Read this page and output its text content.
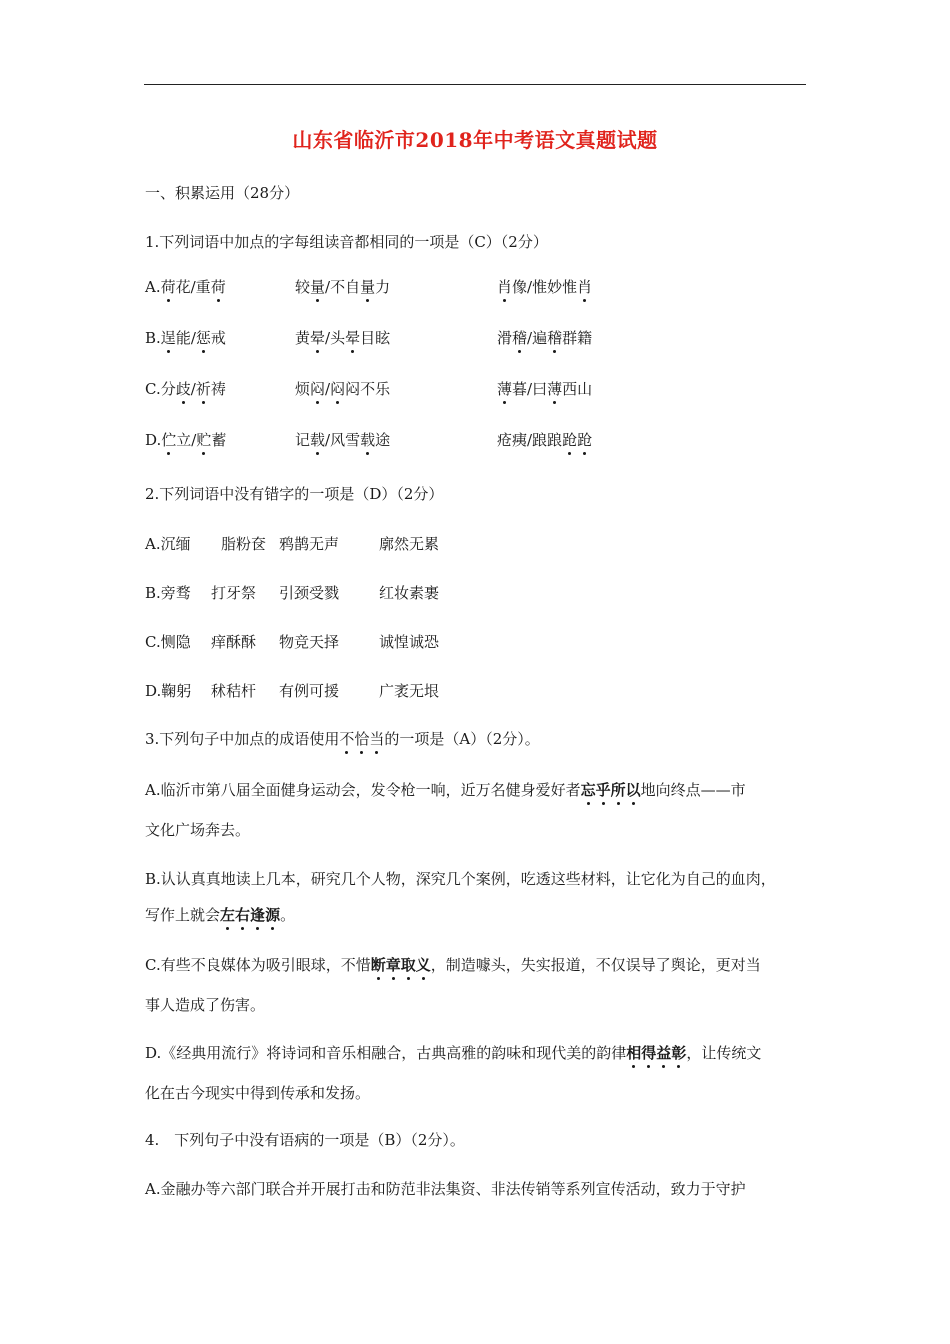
山东省临沂市2018年中考语文真题试题
一、积累运用（28分）
1.下列词语中加点的字每组读音都相同的一项是（C）（2分）
A.荷花/重荷	较量/不自量力	肖像/惟妙惟肖
B.逞能/惩戒	黄晕/头晕目眩	滑稽/遍稽群籍
C.分歧/祈祷	烦闷/闷闷不乐	薄暮/曰薄西山
D.伫立/贮蓄	记载/风雪载途	疮痍/踉踉跄跄
2.下列词语中没有错字的一项是（D）（2分）
A.沉缅 脂粉奁 鸦鹊无声	廓然无累
B.旁骛 打牙祭 引颈受戮	红妆素裹
C.恻隐 痒酥酥 物竞天择	诚惶诚恐
D.鞠躬 秫秸杆 有例可援	广袤无垠
3.下列句子中加点的成语使用不恰当的一项是（A）（2分）。
A.临沂市第八届全面健身运动会，发令枪一响，近万名健身爱好者忘乎所以地向终点——市
文化广场奔去。
B.认认真真地读上几本，研究几个人物，深究几个案例，吃透这些材料，让它化为自己的血肉，
写作上就会左右逢源。
C.有些不良媒体为吸引眼球，不惜断章取义，制造噱头，失实报道，不仅误导了舆论，更对当
事人造成了伤害。
D.《经典用流行》将诗词和音乐相融合，古典高雅的韵味和现代美的韵律相得益彰，让传统文
化在古今现实中得到传承和发扬。
4.　下列句子中没有语病的一项是（B）（2分）。
A.金融办等六部门联合并开展打击和防范非法集资、非法传销等系列宣传活动，致力于守护
